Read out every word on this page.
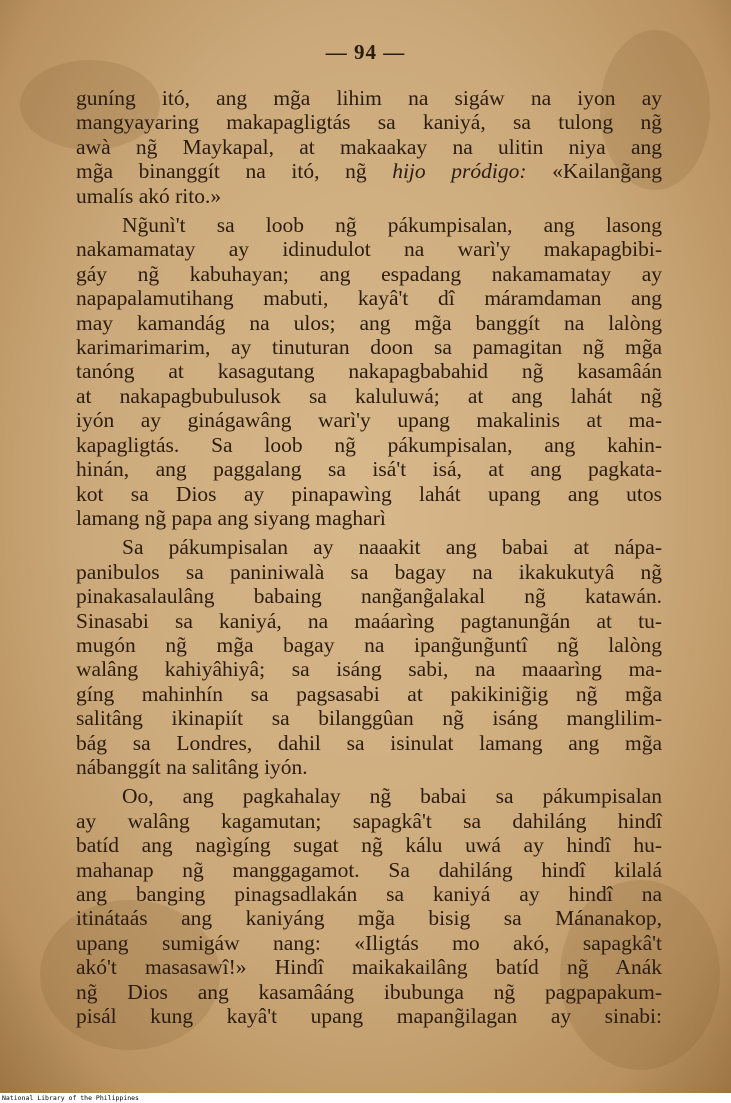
— 94 —

guníng itó, ang mg̃a lihim na sigáw na iyon ay
mangyayaring makapagligtás sa kaniyá, sa tulong ng̃
awà ng̃ Maykapal, at makaakay na ulitin niya ang
mg̃a binanggít na itó, ng̃ hijo pródigo: «Kailang̃ang
umalís akó rito.»

Ng̃unì't sa loob ng̃ pákumpisalan, ang lasong
nakamamatay ay idinudulot na warì'y makapagbibi-
gáy ng̃ kabuhayan; ang espadang nakamamatay ay
napapalamutihang mabuti, kayâ't dî máramdaman ang
may kamandág na ulos; ang mg̃a banggít na lalòng
karimarimarim, ay tinuturan doon sa pamagitan ng̃ mg̃a
tanóng at kasagutang nakapagbabahid ng̃ kasamâán
at nakapagbubulusok sa kaluluwá; at ang lahát ng̃
iyón ay ginágawâng warì'y upang makalinis at ma-
kapagligtás. Sa loob ng̃ pákumpisalan, ang kahin-
hinán, ang paggalang sa isá't isá, at ang pagkata-
kot sa Dios ay pinapawìng lahát upang ang utos
lamang ng̃ papa ang siyang magharì

Sa pákumpisalan ay naaakit ang babai at nápa-
panibulos sa paniniwalà sa bagay na ikakukutyâ ng̃
pinakasalaulâng babaing nang̃ang̃alakal ng̃ katawán.
Sinasabi sa kaniyá, na maáarìng pagtanung̃án at tu-
mugón ng̃ mg̃a bagay na ipang̃ung̃untî ng̃ lalòng
walâng kahiyâhiyâ; sa isáng sabi, na maaarìng ma-
gíng mahinhín sa pagsasabi at pakikinig̃ig ng̃ mg̃a
salitâng ikinapiít sa bilanggûan ng̃ isáng manglilim-
bág sa Londres, dahil sa isinulat lamang ang mg̃a
nábanggít na salitâng iyón.

Oo, ang pagkahalay ng̃ babai sa pákumpisalan
ay walâng kagamutan; sapagkâ't sa dahiláng hindî
batíd ang nagìgíng sugat ng̃ kálu uwá ay hindî hu-
mahanap ng̃ manggagamot. Sa dahiláng hindî kilalá
ang banging pinagsadlakán sa kaniyá ay hindî na
itinátaás ang kaniyáng mg̃a bisig sa Mánanakop,
upang sumigáw nang: «Iligtás mo akó, sapagkâ't
akó't masasawî!» Hindî maikakailâng batíd ng̃ Anák
ng̃ Dios ang kasamâáng ibubunga ng̃ pagpapakum-
pisál kung kayâ't upang mapang̃ilagan ay sinabi:

National Library of the Philippines
